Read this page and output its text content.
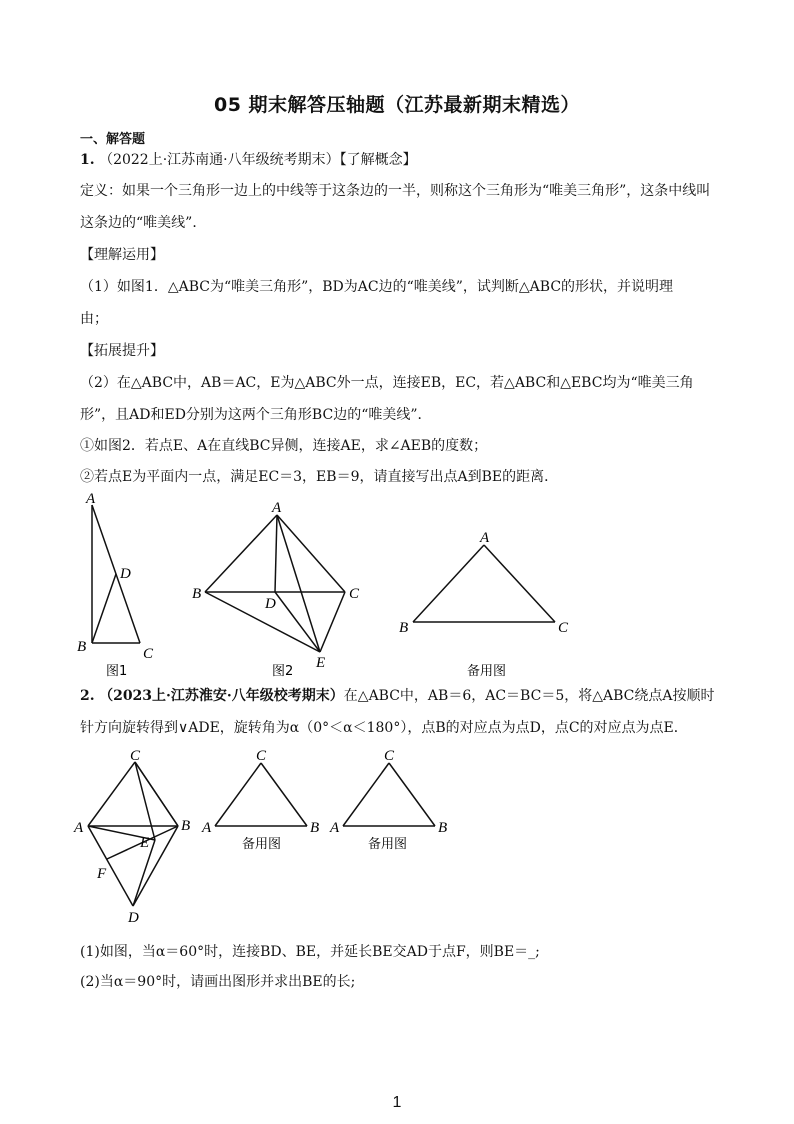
05 期末解答压轴题（江苏最新期末精选）
一、解答题
1. （2022上·江苏南通·八年级统考期末）【了解概念】
定义：如果一个三角形一边上的中线等于这条边的一半，则称这个三角形为“唯美三角形”，这条中线叫
这条边的“唯美线”．
【理解运用】
（1）如图1．△ABC为“唯美三角形”，BD为AC边的“唯美线”，试判断△ABC的形状，并说明理
由；
【拓展提升】
（2）在△ABC中，AB＝AC，E为△ABC外一点，连接EB，EC，若△ABC和△EBC均为“唯美三角
形”，且AD和ED分别为这两个三角形BC边的“唯美线”．
①如图2．若点E、A在直线BC异侧，连接AE，求∠AEB的度数；
②若点E为平面内一点，满足EC＝3，EB＝9，请直接写出点A到BE的距离．
A
D
B	C
图1
A
B	C
D
E
图2
A
B	C
备用图
2. （2023上·江苏淮安·八年级校考期末）在△ABC中，AB＝6，AC＝BC＝5，将△ABC绕点A按顺时
针方向旋转得到∨ADE，旋转角为α（0°＜α＜180°），点B的对应点为点D，点C的对应点为点E．
C
A	B
E
F
D
C
A	B
备用图
C
A	B
备用图
(1)如图，当α＝60°时，连接BD、BE，并延长BE交AD于点F，则BE＝_;
(2)当α＝90°时，请画出图形并求出BE的长;
1
